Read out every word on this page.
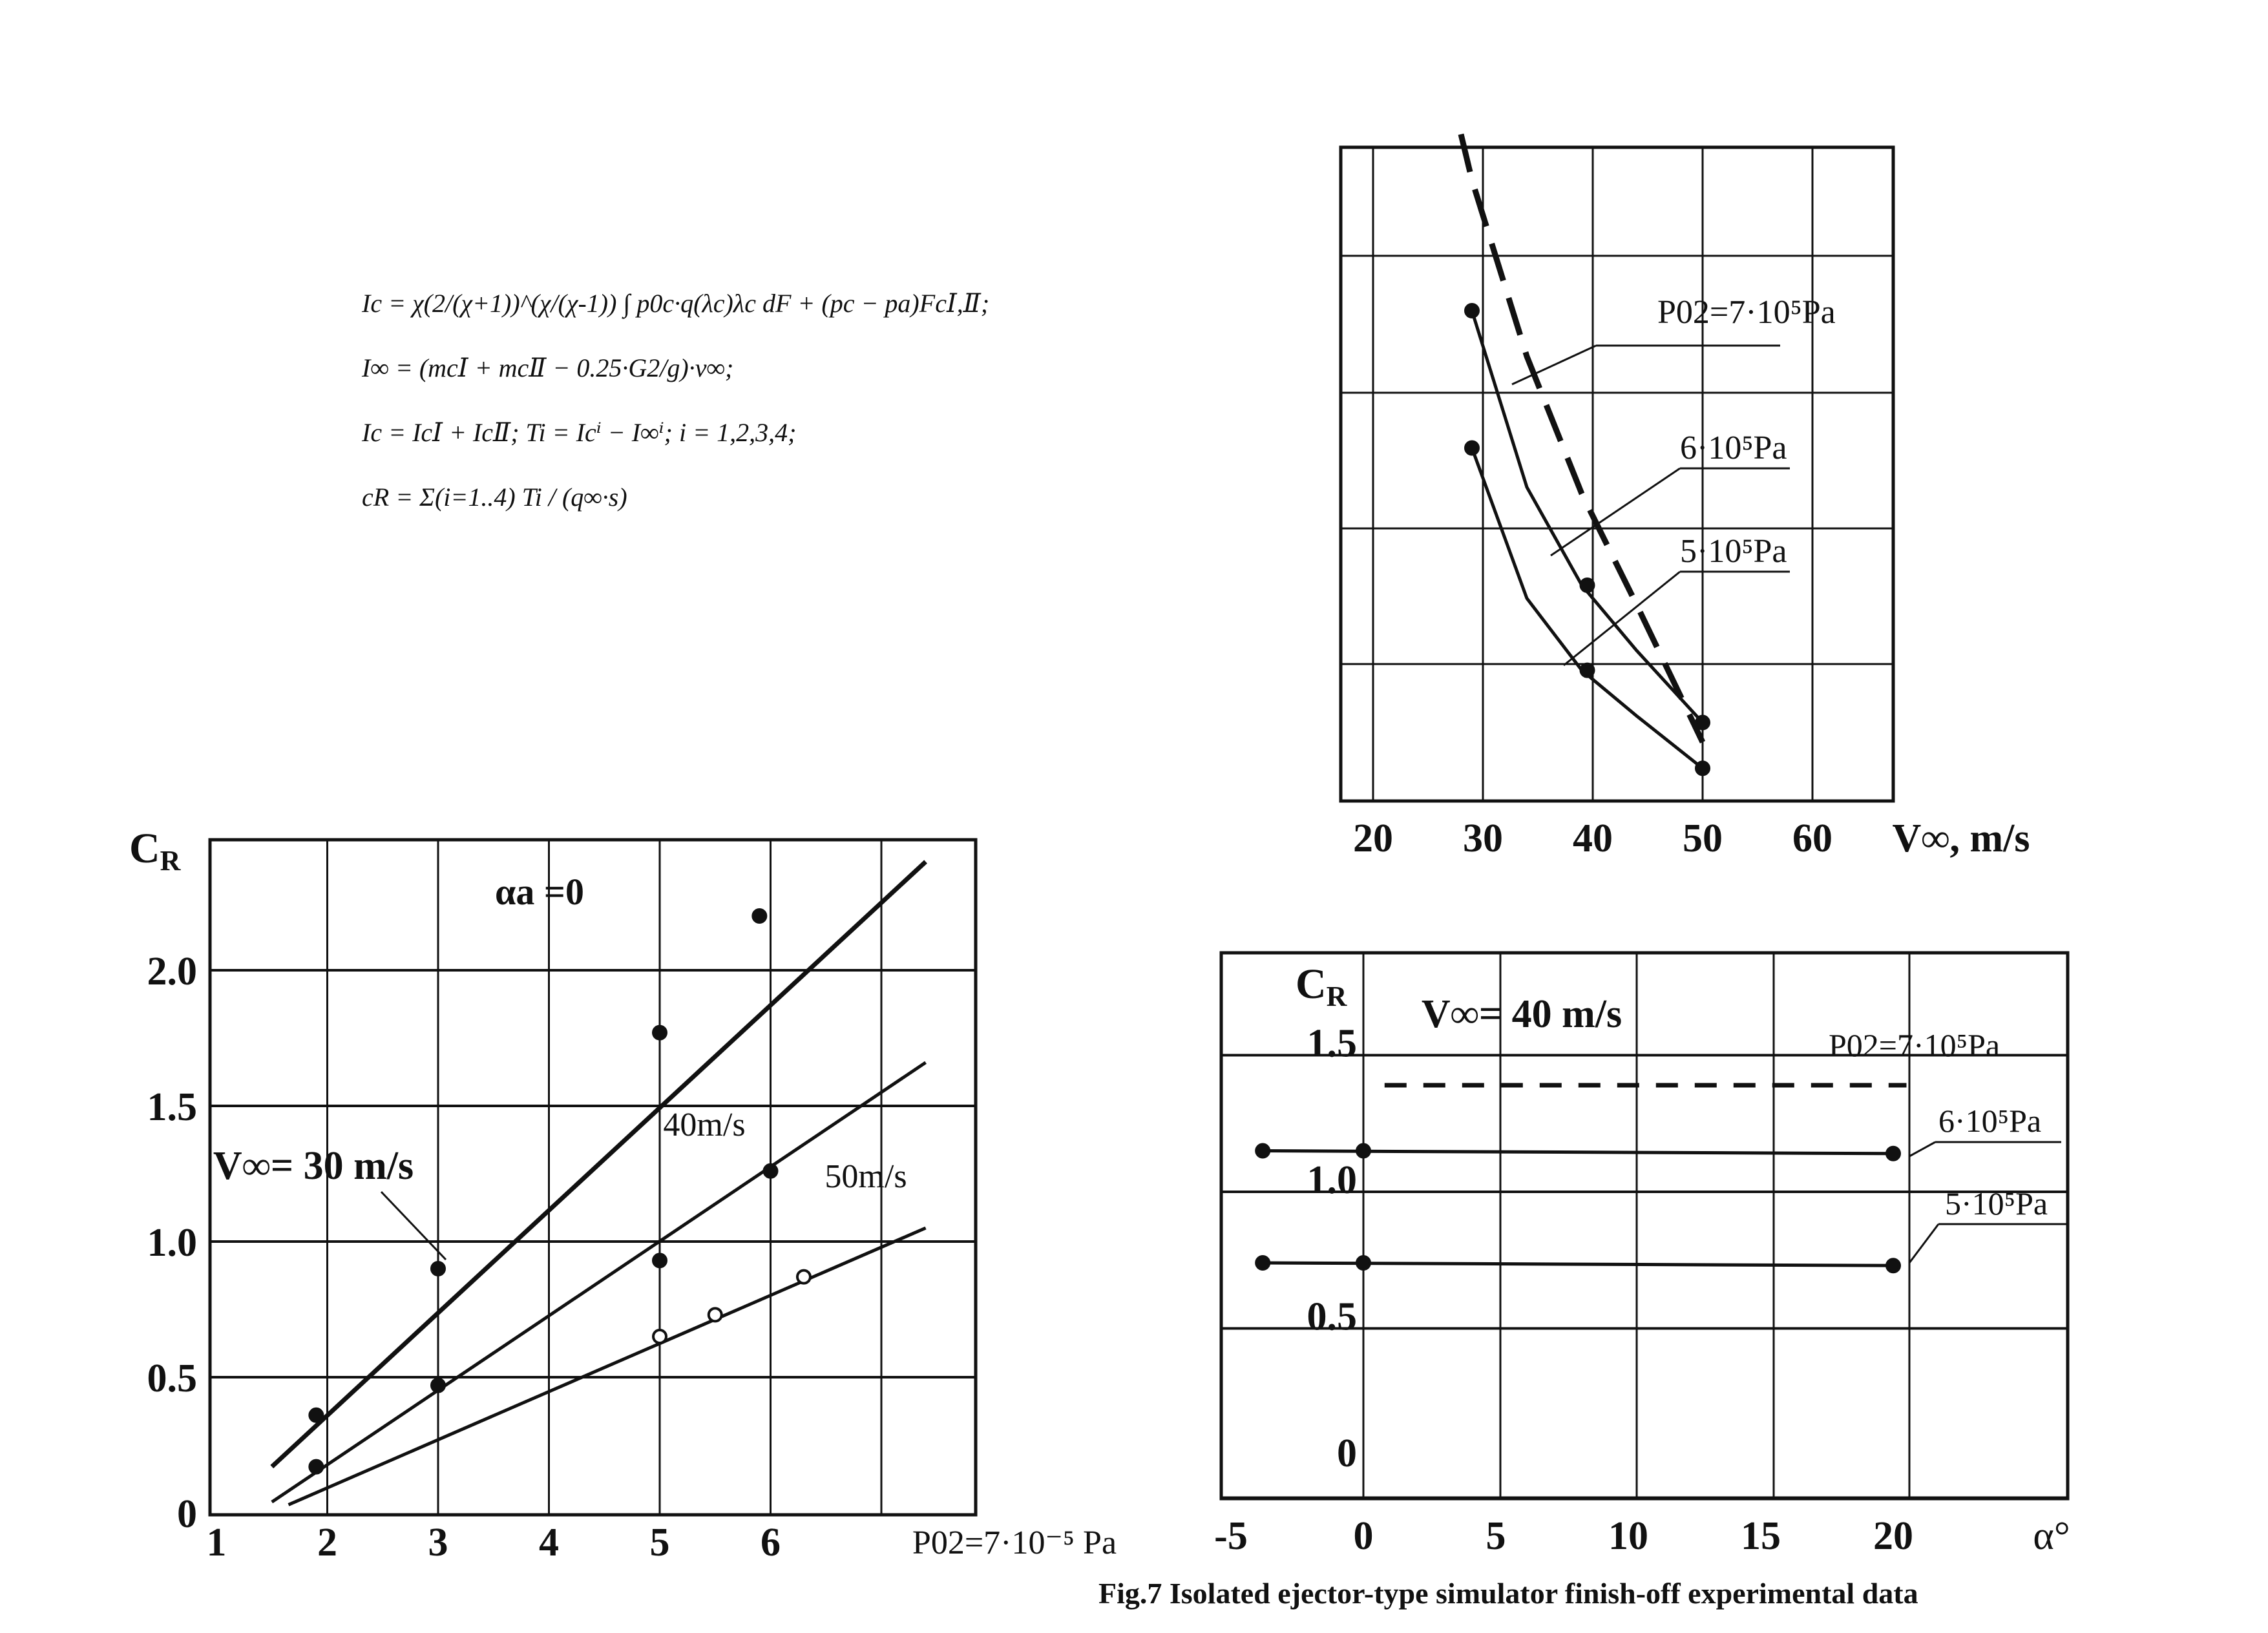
Iс = χ(2/(χ+1))^(χ/(χ-1)) ∫ p0c·q(λc)λc dF + (pc − pa)FcⅠ,Ⅱ;
I∞ = (mcⅠ + mcⅡ − 0.25·G2/g)·v∞;
Ic = IcⅠ + IcⅡ; Ti = Icⁱ − I∞ⁱ; i = 1,2,3,4;
cR = Σ(i=1..4) Ti / (q∞·s)
1 2 3 4 5 6
0
0.5
1.0
1.5
2.0
CR
P02=7·10⁻⁵ Pa
αa =0
V∞= 30 m/s
40m/s
50m/s
20 30 40 50 60 V∞, m/s
P02=7·10⁵Pa
6·10⁵Pa
5·10⁵Pa
-5	0	5	10 15 20	α°
0
0.5
1.0
1.5
CR V∞= 40 m/s
P02=7·10⁵Pa
6·10⁵Pa
5·10⁵Pa
Fig.7 Isolated ejector-type simulator finish-off experimental data
